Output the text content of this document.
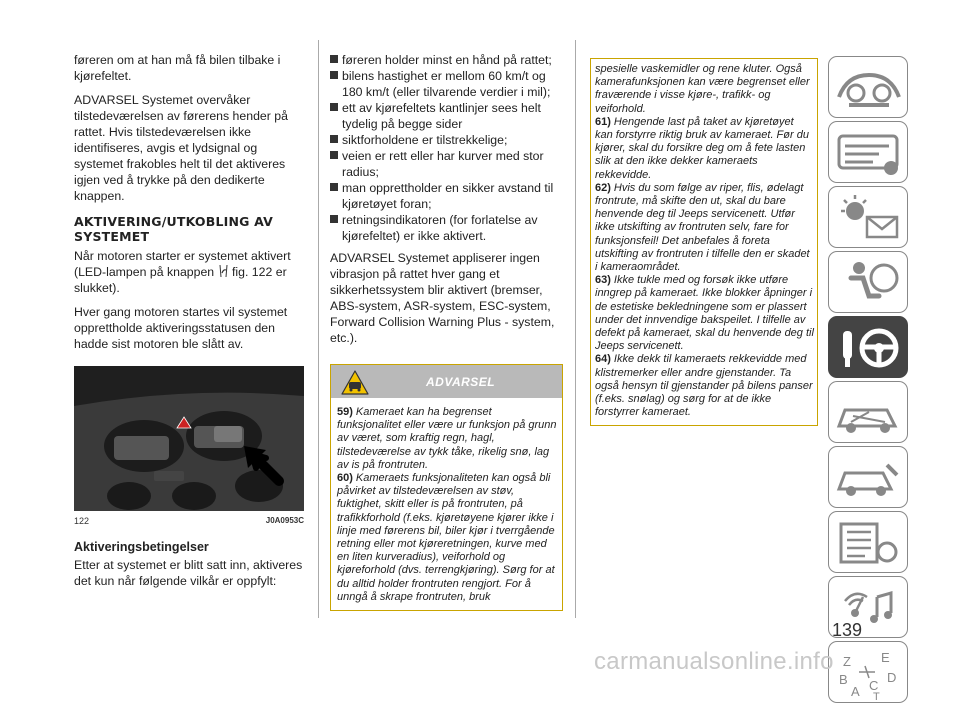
føreren om at han må få bilen tilbake i kjørefeltet.

ADVARSEL Systemet overvåker tilstedeværelsen av førerens hender på rattet. Hvis tilstedeværelsen ikke identifiseres, avgis et lydsignal og systemet frakobles helt til det aktiveres igjen ved å trykke på den dedikerte knappen.

AKTIVERING/UTKOBLING AV SYSTEMET

Når motoren starter er systemet aktivert (LED-lampen på knappen fig. 122 er slukket).

Hver gang motoren startes vil systemet opprettholde aktiveringsstatusen den hadde sist motoren ble slått av.

122	J0A0953C
Aktiveringsbetingelser

Etter at systemet er blitt satt inn, aktiveres det kun når følgende vilkår er oppfylt:

føreren holder minst en hånd på rattet;
bilens hastighet er mellom 60 km/t og 180 km/t (eller tilvarende verdier i mil);
ett av kjørefeltets kantlinjer sees helt tydelig på begge sider
siktforholdene er tilstrekkelige;
veien er rett eller har kurver med stor radius;
man opprettholder en sikker avstand til kjøretøyet foran;
retningsindikatoren (for forlatelse av kjørefeltet) er ikke aktivert.

ADVARSEL Systemet appliserer ingen vibrasjon på rattet hver gang et sikkerhetssystem blir aktivert (bremser, ABS-system, ASR-system, ESC-system, Forward Collision Warning Plus - system, etc.).

ADVARSEL
59) Kameraet kan ha begrenset funksjonalitet eller være ur funksjon på grunn av været, som kraftig regn, hagl, tilstedeværelse av tykk tåke, rikelig snø, lag av is på frontruten.
60) Kameraets funksjonaliteten kan også bli påvirket av tilstedeværelsen av støv, fuktighet, skitt eller is på frontruten, på trafikkforhold (f.eks. kjøretøyene kjører ikke i linje med førerens bil, biler kjør i tverrgående retning eller mot kjøreretningen, kurve med en liten kurveradius), veiforhold og kjøreforhold (dvs. terrengkjøring). Sørg for at du alltid holder frontruten rengjort. For å unngå å skrape frontruten, bruk
spesielle vaskemidler og rene kluter. Også kamerafunksjonen kan være begrenset eller fraværende i visse kjøre-, trafikk- og veiforhold.
61) Hengende last på taket av kjøretøyet kan forstyrre riktig bruk av kameraet. Før du kjører, skal du forsikre deg om å fete lasten slik at den ikke dekker kameraets rekkevidde.
62) Hvis du som følge av riper, flis, ødelagt frontrute, må skifte den ut, skal du bare henvende deg til Jeeps servicenett. Utfør ikke utskifting av frontruten selv, fare for funksjonsfeil! Det anbefales å foreta utskifting av frontruten i tilfelle den er skadet i kameraområdet.
63) Ikke tukle med og forsøk ikke utføre inngrep på kameraet. Ikke blokker åpninger i de estetiske bekledningene som er plassert under det innvendige bakspeilet. I tilfelle av defekt på kameraet, skal du henvende deg til Jeeps servicenett.
64) Ikke dekk til kameraets rekkevidde med klistremerker eller andre gjenstander. Ta også hensyn til gjenstander på bilens panser (f.eks. snølag) og sørg for at de ikke forstyrrer kameraet.
Z E
B	D
A C
T
139
carmanualsonline.info
